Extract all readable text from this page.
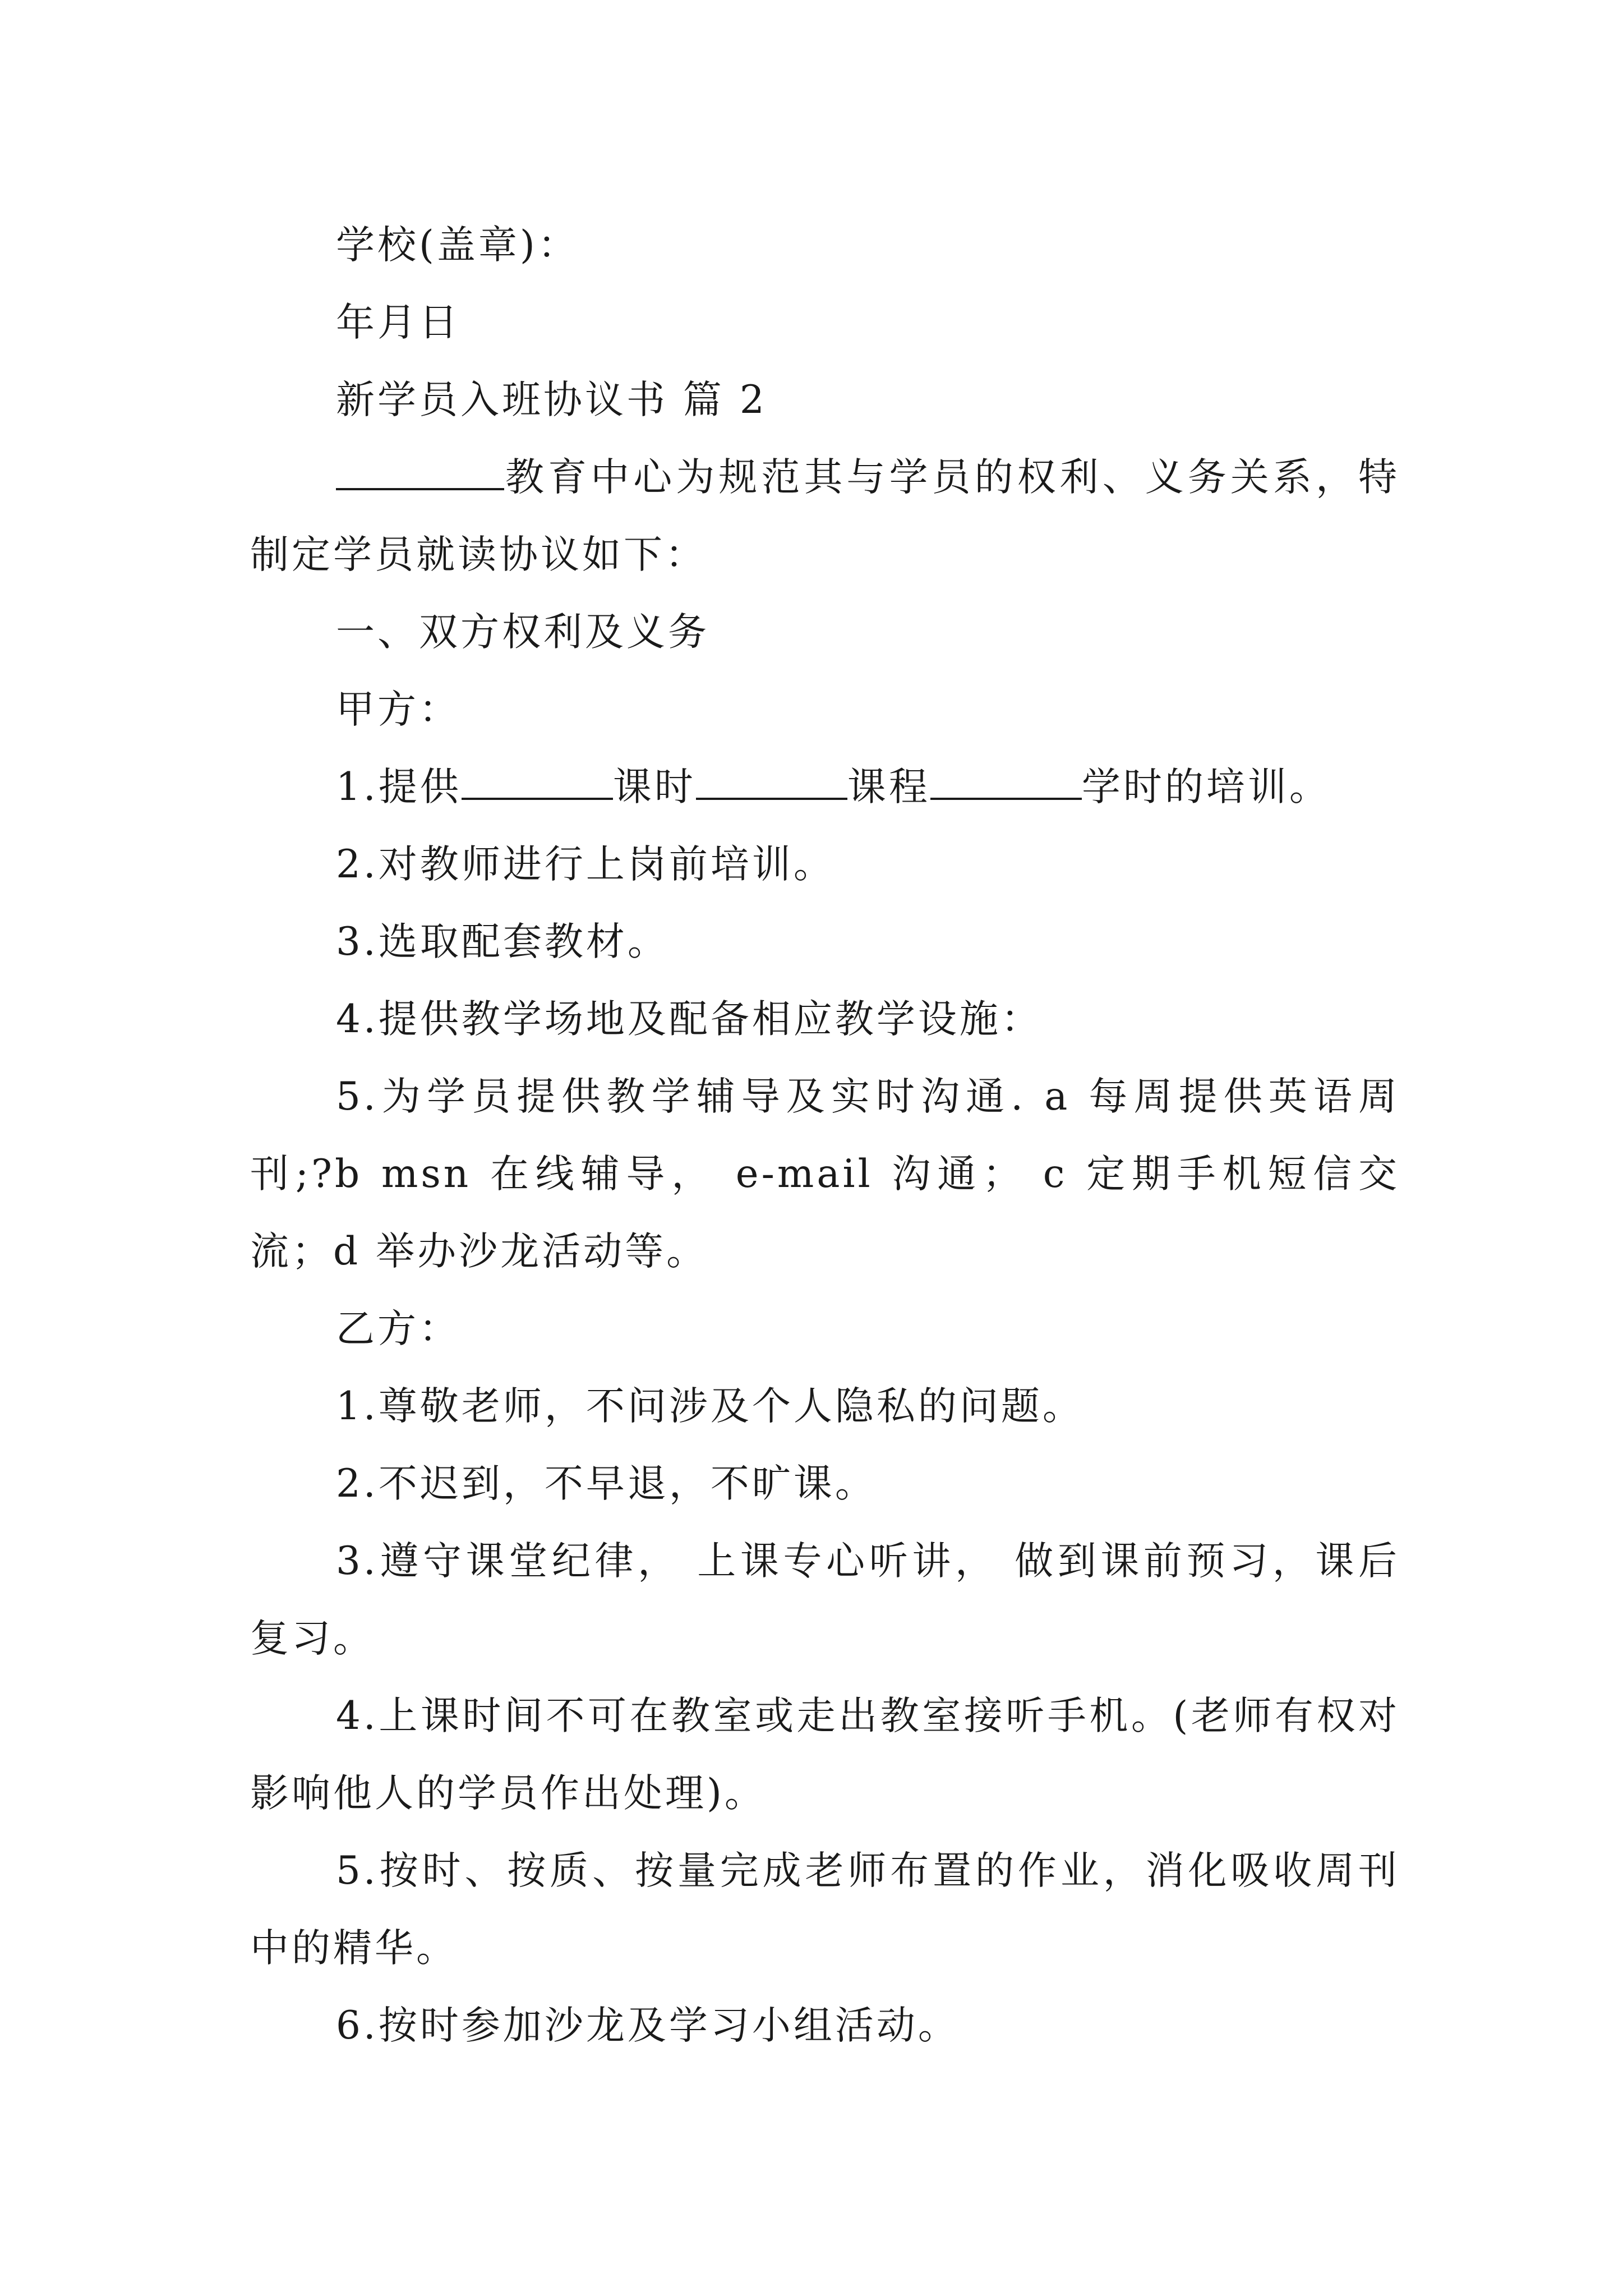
学校(盖章)：

年月日

新学员入班协议书 篇 2

教育中心为规范其与学员的权利、义务关系，特制定学员就读协议如下：

一、双方权利及义务

甲方：

1.提供	课时	课程	学时的培训。

2.对教师进行上岗前培训。

3.选取配套教材。

4.提供教学场地及配备相应教学设施：

5.为学员提供教学辅导及实时沟通. a 每周提供英语周刊;?b msn 在线辅导， e-mail 沟通； c 定期手机短信交流；d 举办沙龙活动等。

乙方：

1.尊敬老师，不问涉及个人隐私的问题。

2.不迟到，不早退，不旷课。

3.遵守课堂纪律， 上课专心听讲， 做到课前预习，课后复习。

4.上课时间不可在教室或走出教室接听手机。(老师有权对影响他人的学员作出处理)。

5.按时、按质、按量完成老师布置的作业，消化吸收周刊中的精华。

6.按时参加沙龙及学习小组活动。
